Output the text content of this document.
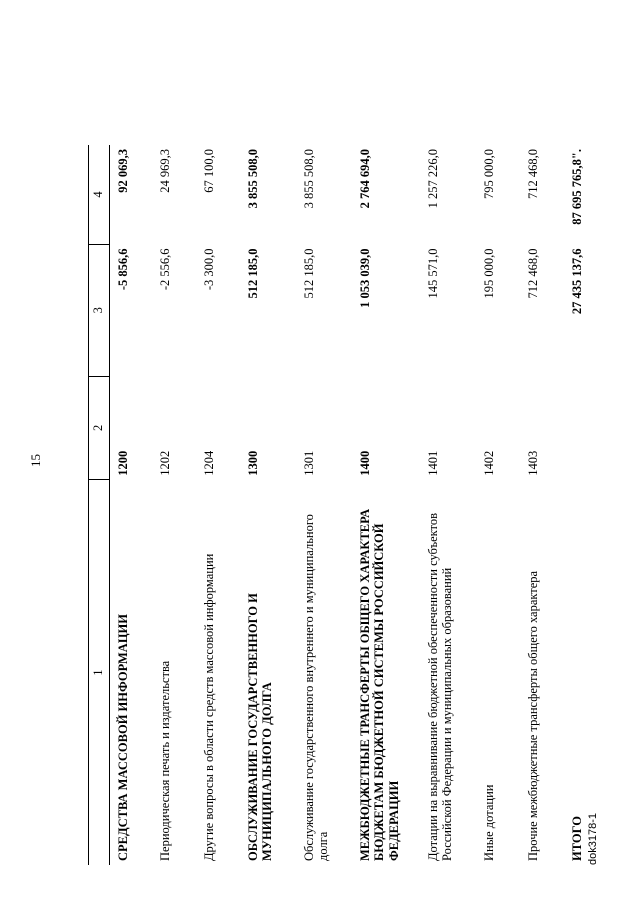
15
1	2	3	4
СРЕДСТВА МАССОВОЙ ИНФОРМАЦИИ	1200	-5 856,6	92 069,3
Периодическая печать и издательства	1202	-2 556,6	24 969,3
Другие вопросы в области средств массовой информации	1204	-3 300,0	67 100,0
ОБСЛУЖИВАНИЕ ГОСУДАРСТВЕННОГО И МУНИЦИПАЛЬНОГО ДОЛГА	1300	512 185,0	3 855 508,0
Обслуживание государственного внутреннего и муниципального долга	1301	512 185,0	3 855 508,0
МЕЖБЮДЖЕТНЫЕ ТРАНСФЕРТЫ ОБЩЕГО ХАРАКТЕРА БЮДЖЕТАМ БЮДЖЕТНОЙ СИСТЕМЫ РОССИЙСКОЙ ФЕДЕРАЦИИ	1400	1 053 039,0	2 764 694,0
Дотации на выравнивание бюджетной обеспеченности субъектов Российской Федерации и муниципальных образований	1401	145 571,0	1 257 226,0
Иные дотации	1402	195 000,0	795 000,0
Прочие межбюджетные трансферты общего характера	1403	712 468,0	712 468,0
ИТОГО		27 435 137,6	87 695 765,8".
dok3178-1
